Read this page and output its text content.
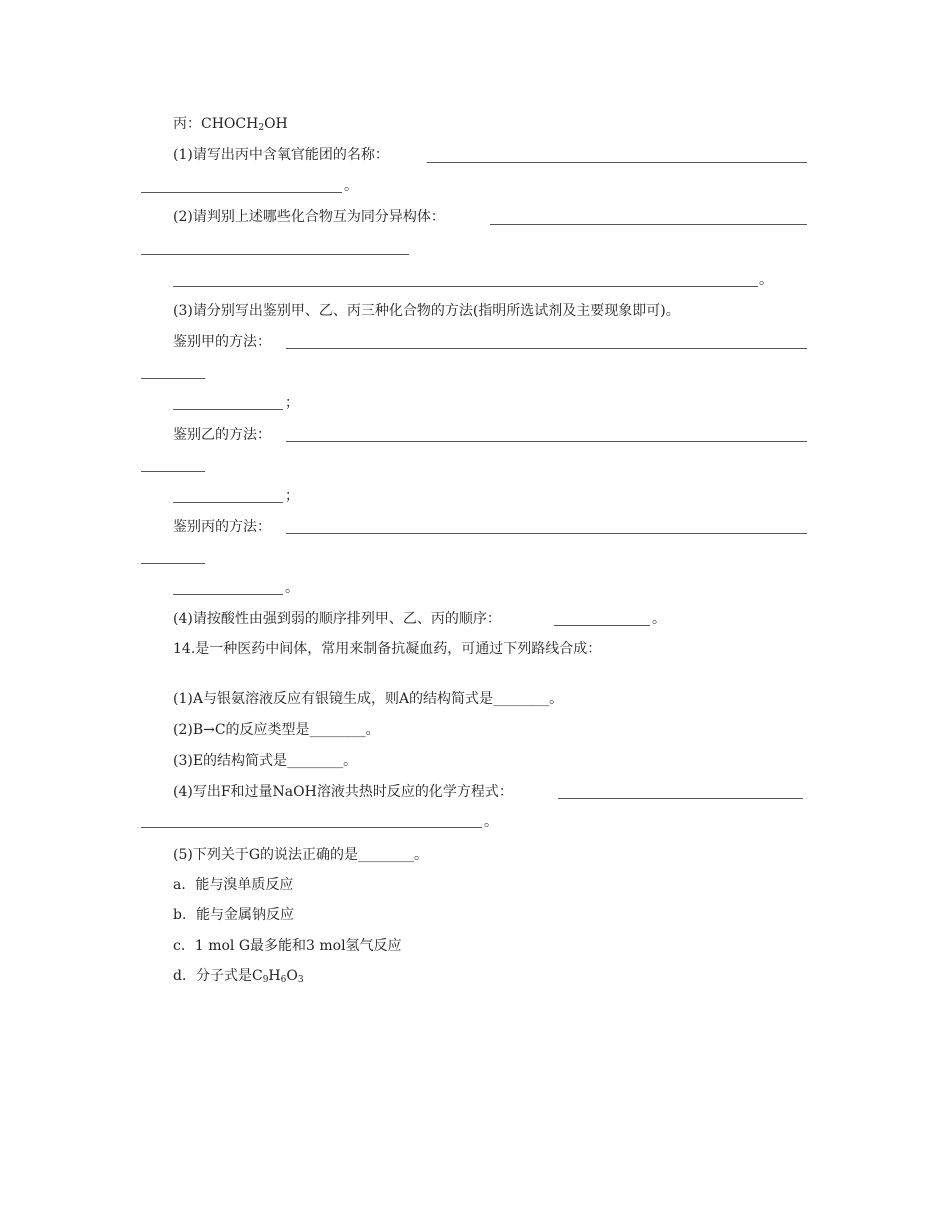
丙：$CHOCH_2OH$
(1)请写出丙中含氧官能团的名称：
。
(2)请判别上述哪些化合物互为同分异构体：
。
(3)请分别写出鉴别甲、乙、丙三种化合物的方法(指明所选试剂及主要现象即可)。
鉴别甲的方法：
；
鉴别乙的方法：
；
鉴别丙的方法：
。
(4)请按酸性由强到弱的顺序排列甲、乙、丙的顺序：	。
14.是一种医药中间体，常用来制备抗凝血药，可通过下列路线合成：
(1)A与银氨溶液反应有银镜生成，则A的结构简式是________。
(2)B→C的反应类型是________。
(3)E的结构简式是________。
(4)写出F和过量NaOH溶液共热时反应的化学方程式：
。
(5)下列关于G的说法正确的是________。
a．能与溴单质反应
b．能与金属钠反应
c．1 mol G最多能和3 mol氢气反应
d．分子式是$C_9H_6O_3$
